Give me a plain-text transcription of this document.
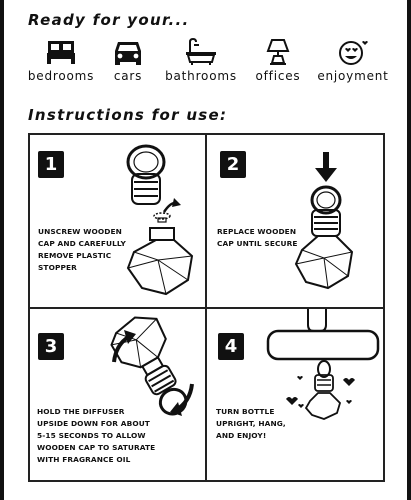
Ready for your...
bedrooms	cars	bathrooms	offices	enjoyment
Instructions for use:
1
UNSCREW WOODEN
CAP AND CAREFULLY
REMOVE PLASTIC
STOPPER
2
REPLACE WOODEN
CAP UNTIL SECURE
3
HOLD THE DIFFUSER
UPSIDE DOWN FOR ABOUT
5-15 SECONDS TO ALLOW
WOODEN CAP TO SATURATE
WITH FRAGRANCE OIL
4
TURN BOTTLE
UPRIGHT, HANG,
AND ENJOY!
